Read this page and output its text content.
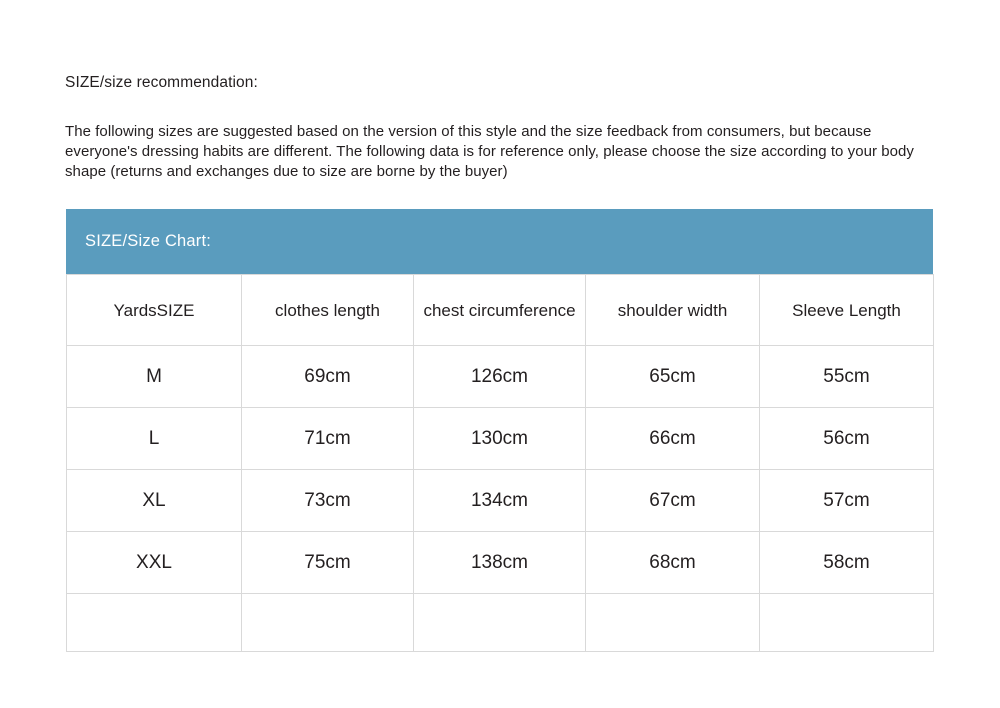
SIZE/size recommendation:
The following sizes are suggested based on the version of this style and the size feedback from consumers, but because everyone's dressing habits are different. The following data is for reference only, please choose the size according to your body shape (returns and exchanges due to size are borne by the buyer)
SIZE/Size Chart:
YardsSIZE	clothes length	chest circumference	shoulder width	Sleeve Length
M	69cm	126cm	65cm	55cm
L	71cm	130cm	66cm	56cm
XL	73cm	134cm	67cm	57cm
XXL	75cm	138cm	68cm	58cm
